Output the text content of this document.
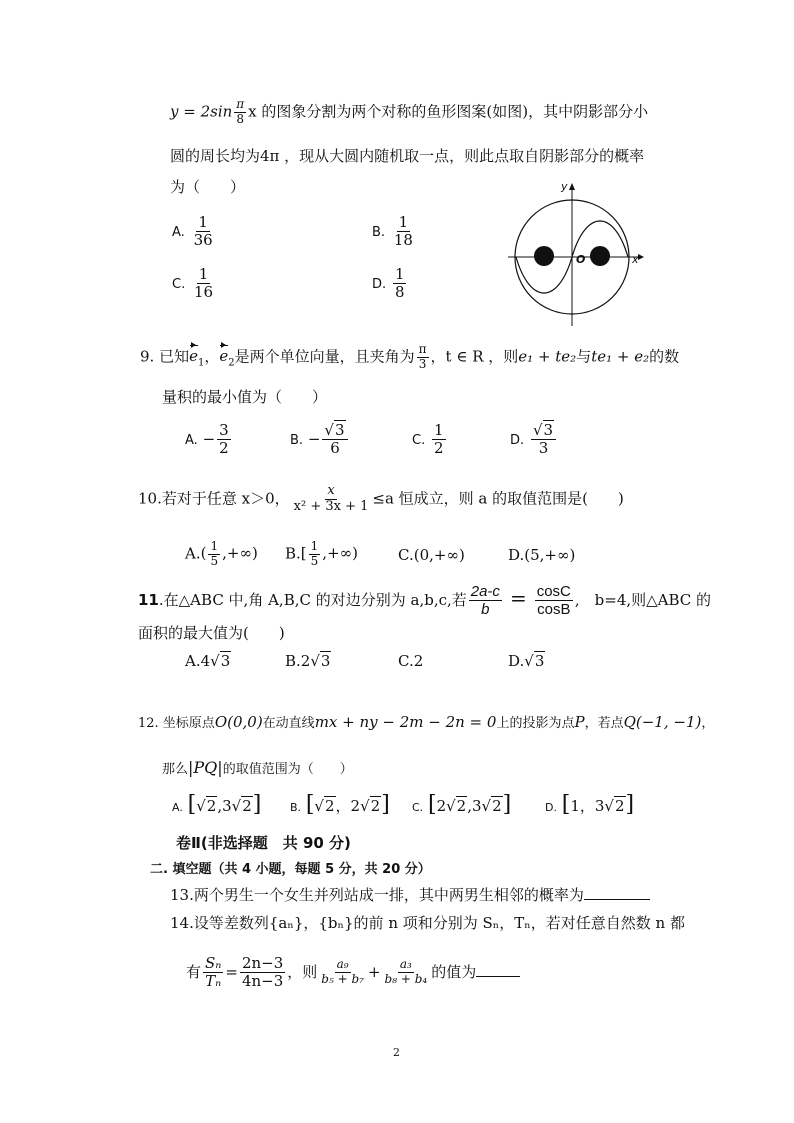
$y = 2\sin \frac{\pi}{8}$ x 的图象分割为两个对称的鱼形图案(如图)，其中阴影部分小
圆的周长均为4π ，现从大圆内随机取一点，则此点取自阴影部分的概率
为（　　）
A. $\frac{1}{36}$	B. $\frac{1}{18}$
C. $\frac{1}{16}$	D. $\frac{1}{8}$
y
x
O
9. 已知$e_1$，$e_2$是两个单位向量，且夹角为 $\frac{\pi}{3}$ ，t ∈ R ，则e₁ + te₂与te₁ + e₂的数
量积的最小值为（　　）
A. − $\frac{3}{2}$	B. − $\frac{√3}{6}$	C. $\frac{1}{2}$	D. $\frac{√3}{3}$
10.若对于任意 x＞0， $\frac{x}{\text{x² + 3x + 1}} \le a$ 恒成立，则 a 的取值范围是(　　)
$A.( \frac{1}{5}$ ,+∞) $B.[ \frac{1}{5}$ ,+∞)	C.(0,+∞)	D.(5,+∞)
11.在△ABC 中,角 A,B,C 的对边分别为 a,b,c,若 $\frac{2a-c}{b} = \frac{\cos C}{\cos B}$ ,　b=4,则△ABC 的
面积的最大值为(　　)
A.4√3	B.2√3	C.2	D.√3
12. 坐标原点O(0,0)在动直线mx + ny − 2m − 2n = 0上的投影为点P，若点Q(−1, −1)，
那么|PQ|的取值范围为（　　）
A. [√2,3√2]	B. [√2，2√2] C. [2√2,3√2]	D. [1，3√2]
卷Ⅱ(非选择题　共 90 分)
二. 填空题（共 4 小题，每题 5 分，共 20 分）
13.两个男生一个女生并列站成一排，其中两男生相邻的概率为
14.设等差数列{aₙ}，{bₙ}的前 n 项和分别为 Sₙ，Tₙ，若对任意自然数 n 都
有 $\frac{\text{Sₙ}}{\text{Tₙ}} = \frac{2n-3}{4n-3}$ ，则 $\frac{\text{a₉}}{\text{b₅ + b₇}} + \frac{\text{a₃}}{\text{b₈ + b₄}}$ 的值为
2
